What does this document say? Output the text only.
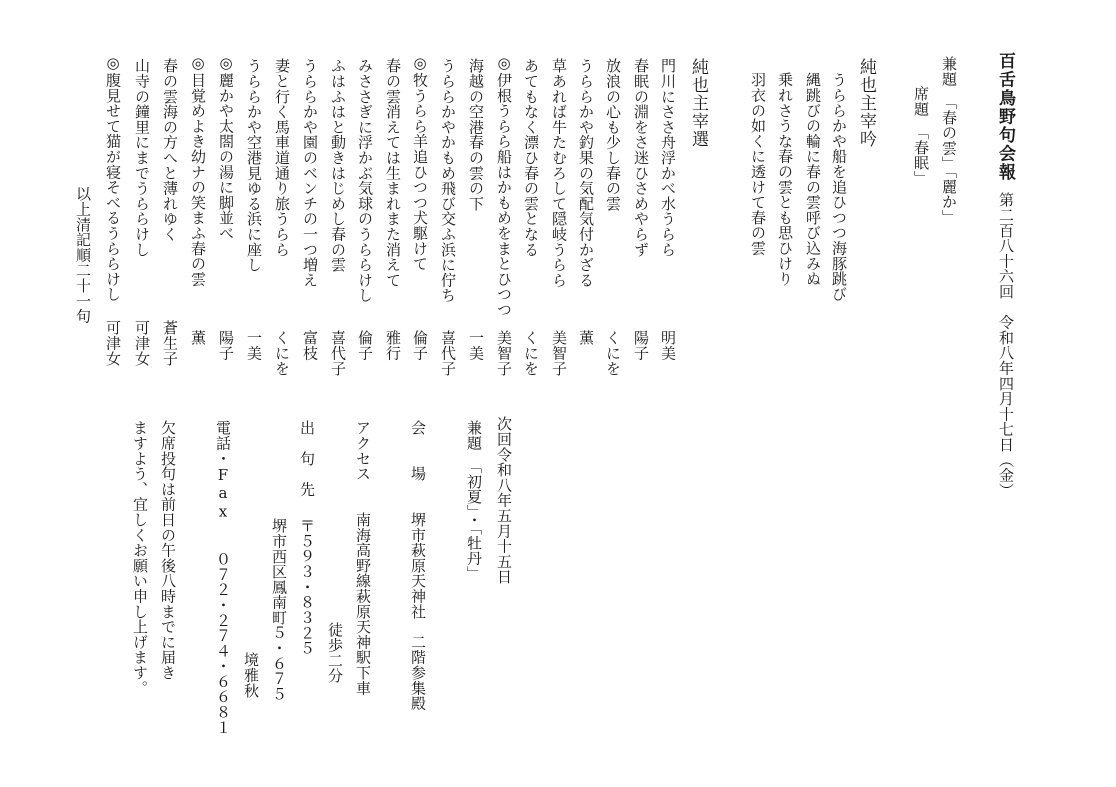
百舌鳥野句会報
第二百八十六回　令和八年四月十七日（金）
兼題　「春の雲」「麗か」
席題　「春眠」
純也主宰吟
うららかや船を追ひつつ海豚跳び
縄跳びの輪に春の雲呼び込みぬ
乗れさうな春の雲とも思ひけり
羽衣の如くに透けて春の雲
純也主宰選
門川にささ舟浮かべ水うらら
明美
春眠の淵をさ迷ひさめやらず
陽子
放浪の心も少し春の雲
くにを
うららかや釣果の気配気付かざる
薫
草あれば牛たむろして隠岐うらら
美智子
あてもなく漂ひ春の雲となる
くにを
◎伊根うらら船はかもめをまとひつつ
美智子
海越の空港春の雲の下
一美
うららかやかもめ飛び交ふ浜に佇ち
喜代子
◎牧うらら羊追ひつつ犬駆けて
倫子
春の雲消えては生まれまた消えて
雅行
みささぎに浮かぶ気球のうららけし
倫子
ふはふはと動きはじめし春の雲
喜代子
うららかや園のベンチの一つ増え
富枝
妻と行く馬車道通り旅うらら
くにを
うららかや空港見ゆる浜に座し
一美
◎麗かや太閤の湯に脚並べ
陽子
◎目覚めよき幼ナの笑まふ春の雲
薫
春の雲海の方へと薄れゆく
蒼生子
山寺の鐘里にまでうららけし
可津女
◎腹見せて猫が寝そべるうららけし
可津女
以上清記順二十一句
次回令和八年五月十五日
兼題　「初夏」・「牡丹」
会　　場　　堺市萩原天神社　二階参集殿
アクセス　　南海高野線萩原天神駅下車
徒歩二分
出　句　先
〒５９３・８３２５
堺市西区鳳南町５・６７５
境雅秋
電話・Fax　　０７２・２７４・６６８１
欠席投句は前日の午後八時までに届き
ますよう、宜しくお願い申し上げます。
